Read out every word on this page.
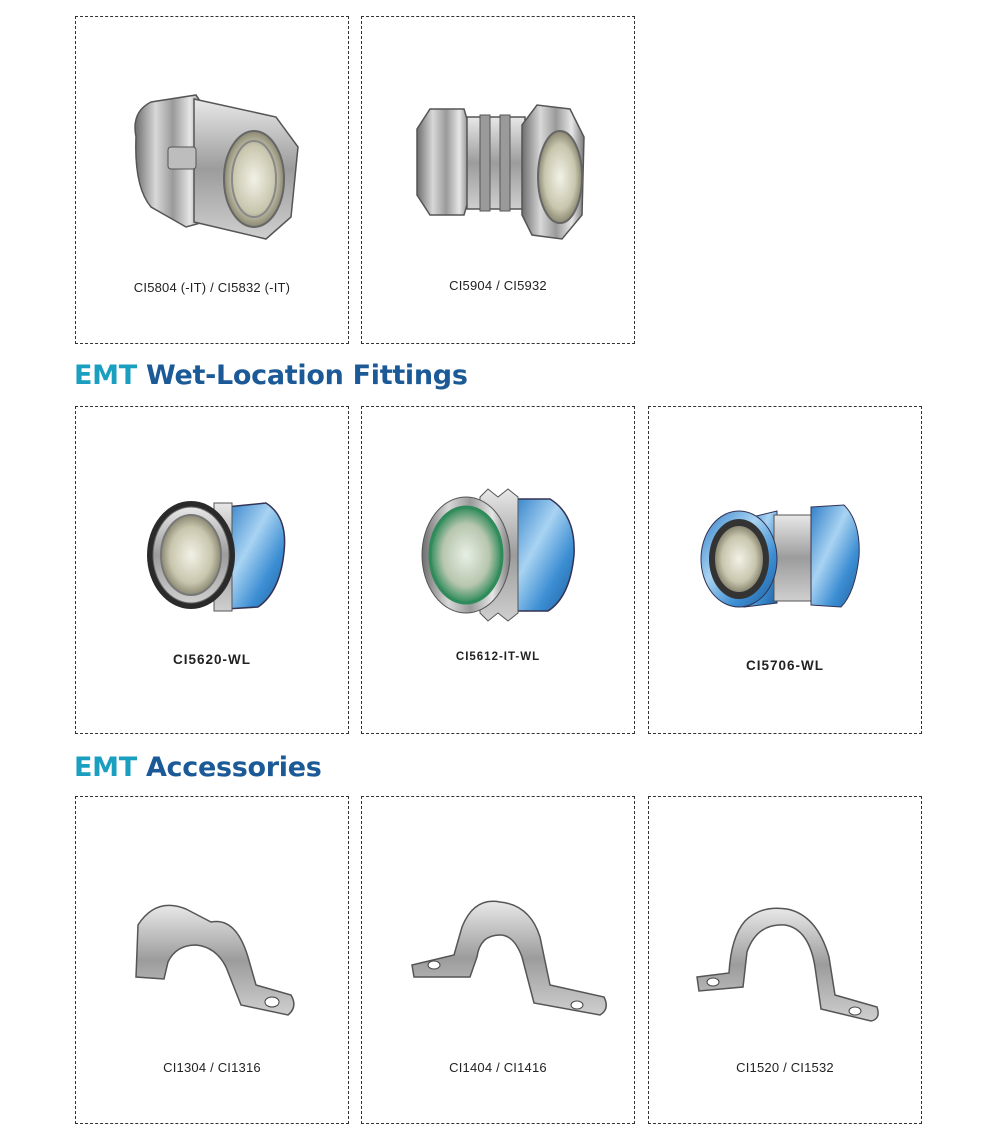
CI5804 (-IT) / CI5832 (-IT)	CI5904 / CI5932
EMT Wet-Location Fittings
CI5620-WL	CI5612-IT-WL
CI5706-WL
EMT Accessories
CI1304 / CI1316	CI1404 / CI1416	CI1520 / CI1532
